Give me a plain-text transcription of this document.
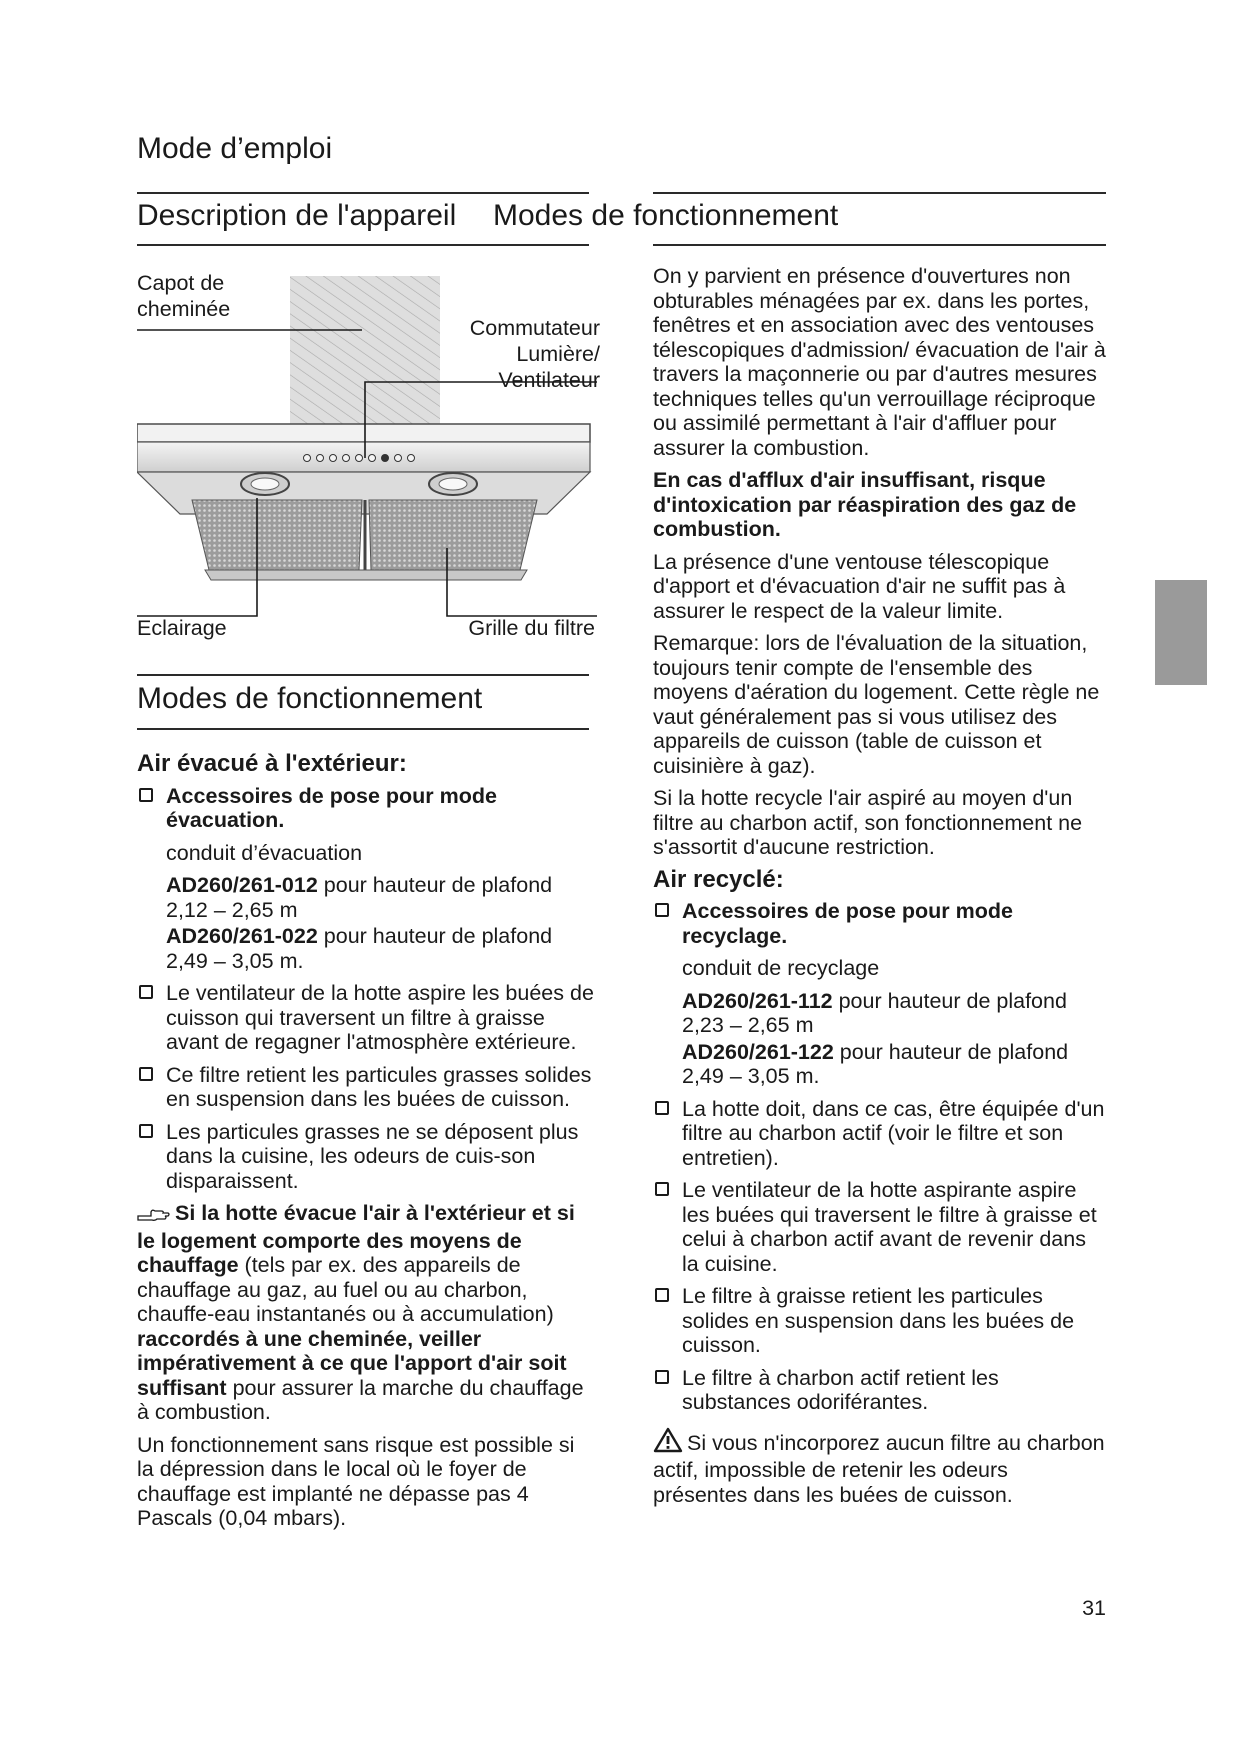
Mode d’emploi
Description de l'appareil Modes de fonctionnement
Capot de
cheminée
Commutateur
Lumière/
Ventilateur
Eclairage	Grille du filtre
Modes de fonctionnement
Air évacué à l'extérieur:
Accessoires de pose pour mode évacuation.
conduit d’évacuation
AD260/261-012 pour hauteur de plafond 2,12 – 2,65 m
AD260/261-022 pour hauteur de plafond 2,49 – 3,05 m.
Le ventilateur de la hotte aspire les buées de cuisson qui traversent un filtre à graisse avant de regagner l'atmosphère extérieure.
Ce filtre retient les particules grasses solides en suspension dans les buées de cuisson.
Les particules grasses ne se déposent plus dans la cuisine, les odeurs de cuis-son disparaissent.
Si la hotte évacue l'air à l'extérieur et si le logement comporte des moyens de chauffage (tels par ex. des appareils de chauffage au gaz, au fuel ou au charbon, chauffe-eau instantanés ou à accumulation) raccordés à une cheminée, veiller impérativement à ce que l'apport d'air soit suffisant pour assurer la marche du chauffage à combustion.
Un fonctionnement sans risque est possible si la dépression dans le local où le foyer de chauffage est implanté ne dépasse pas 4 Pascals (0,04 mbars).
On y parvient en présence d'ouvertures non obturables ménagées par ex. dans les portes, fenêtres et en association avec des ventouses télescopiques d'admission/ évacuation de l'air à travers la maçonnerie ou par d'autres mesures techniques telles qu'un verrouillage réciproque ou assimilé permettant à l'air d'affluer pour assurer la combustion.
En cas d'afflux d'air insuffisant, risque d'intoxication par réaspiration des gaz de combustion.
La présence d'une ventouse télescopique d'apport et d'évacuation d'air ne suffit pas à assurer le respect de la valeur limite.
Remarque: lors de l'évaluation de la situation, toujours tenir compte de l'ensemble des moyens d'aération du logement. Cette règle ne vaut généralement pas si vous utilisez des appareils de cuisson (table de cuisson et cuisinière à gaz).
Si la hotte recycle l'air aspiré au moyen d'un filtre au charbon actif, son fonctionnement ne s'assortit d'aucune restriction.
Air recyclé:
Accessoires de pose pour mode recyclage.
conduit de recyclage
AD260/261-112 pour hauteur de plafond 2,23 – 2,65 m
AD260/261-122 pour hauteur de plafond 2,49 – 3,05 m.
La hotte doit, dans ce cas, être équipée d'un filtre au charbon actif (voir le filtre et son entretien).
Le ventilateur de la hotte aspirante aspire les buées qui traversent le filtre à graisse et celui à charbon actif avant de revenir dans la cuisine.
Le filtre à graisse retient les particules solides en suspension dans les buées de cuisson.
Le filtre à charbon actif retient les substances odoriférantes.
Si vous n'incorporez aucun filtre au charbon actif, impossible de retenir les odeurs présentes dans les buées de cuisson.
31
